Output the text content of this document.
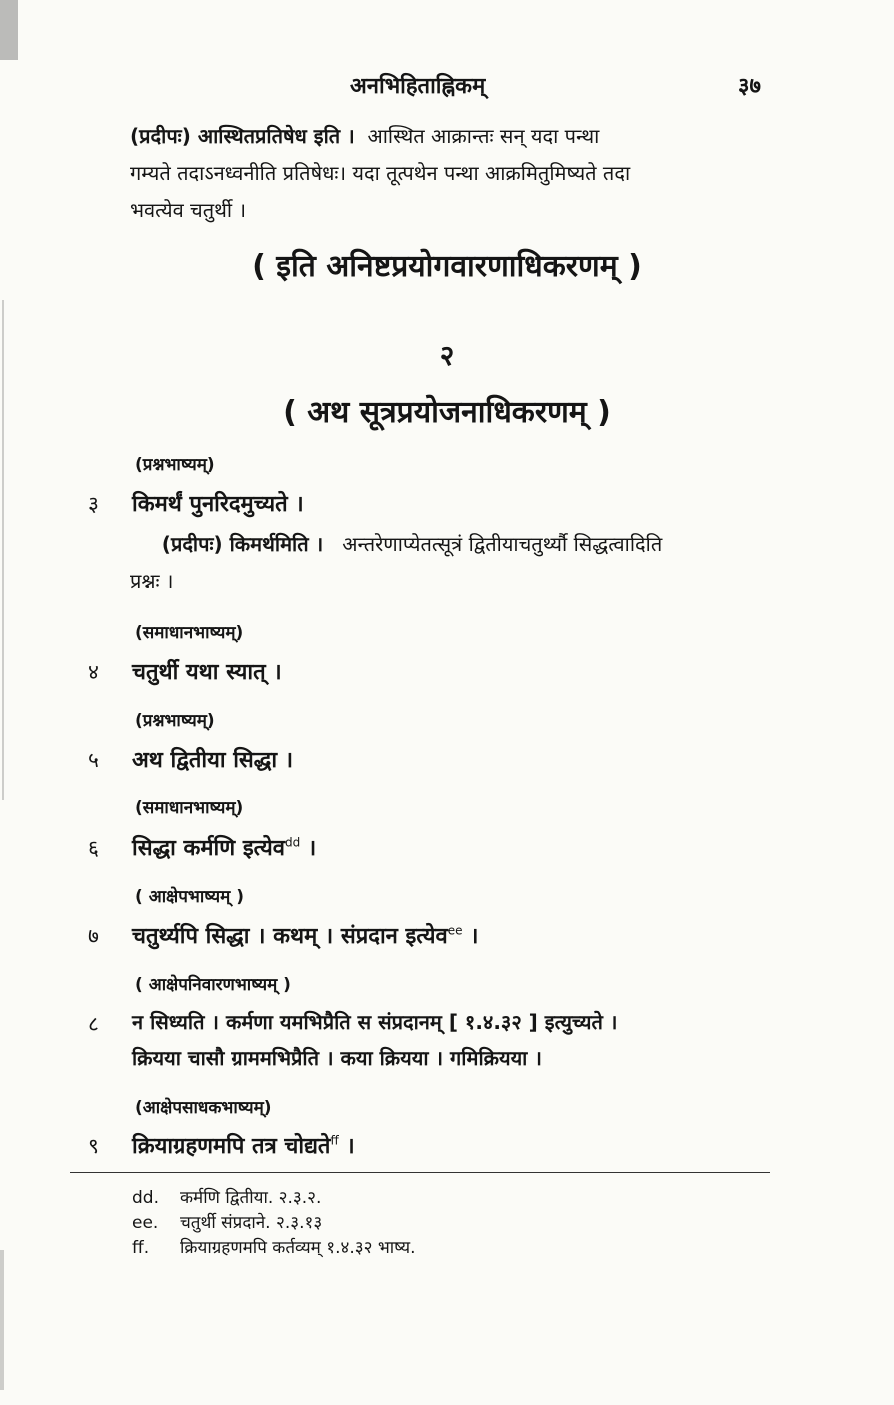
अनभिहिताह्निकम्	३७
(प्रदीपः) आस्थितप्रतिषेध इति । आस्थित आक्रान्तः सन् यदा पन्था
गम्यते तदाऽनध्वनीति प्रतिषेधः। यदा तूत्पथेन पन्था आक्रमितुमिष्यते तदा
भवत्येव चतुर्थी ।
( इति अनिष्टप्रयोगवारणाधिकरणम् )
२
( अथ सूत्रप्रयोजनाधिकरणम् )
(प्रश्नभाष्यम्)
३ किमर्थं पुनरिदमुच्यते ।
(प्रदीपः) किमर्थमिति । अन्तरेणाप्येतत्सूत्रं द्वितीयाचतुर्थ्यौ सिद्धत्वादिति
प्रश्नः ।
(समाधानभाष्यम्)
४ चतुर्थी यथा स्यात् ।
(प्रश्नभाष्यम्)
५ अथ द्वितीया सिद्धा ।
(समाधानभाष्यम्)
६ सिद्धा कर्मणि इत्येव$^{dd}$ ।
( आक्षेपभाष्यम् )
७ चतुर्थ्यपि सिद्धा । कथम् । संप्रदान इत्येव$^{ee}$ ।
( आक्षेपनिवारणभाष्यम् )
८ न सिध्यति । कर्मणा यमभिप्रैति स संप्रदानम् [ १.४.३२ ] इत्युच्यते ।
क्रियया चासौ ग्राममभिप्रैति । कया क्रियया । गमिक्रियया ।
(आक्षेपसाधकभाष्यम्)
९ क्रियाग्रहणमपि तत्र चोद्यते$^{ff}$ ।
dd. कर्मणि द्वितीया. २.३.२.
ee. चतुर्थी संप्रदाने. २.३.१३
ff. क्रियाग्रहणमपि कर्तव्यम् १.४.३२ भाष्य.
